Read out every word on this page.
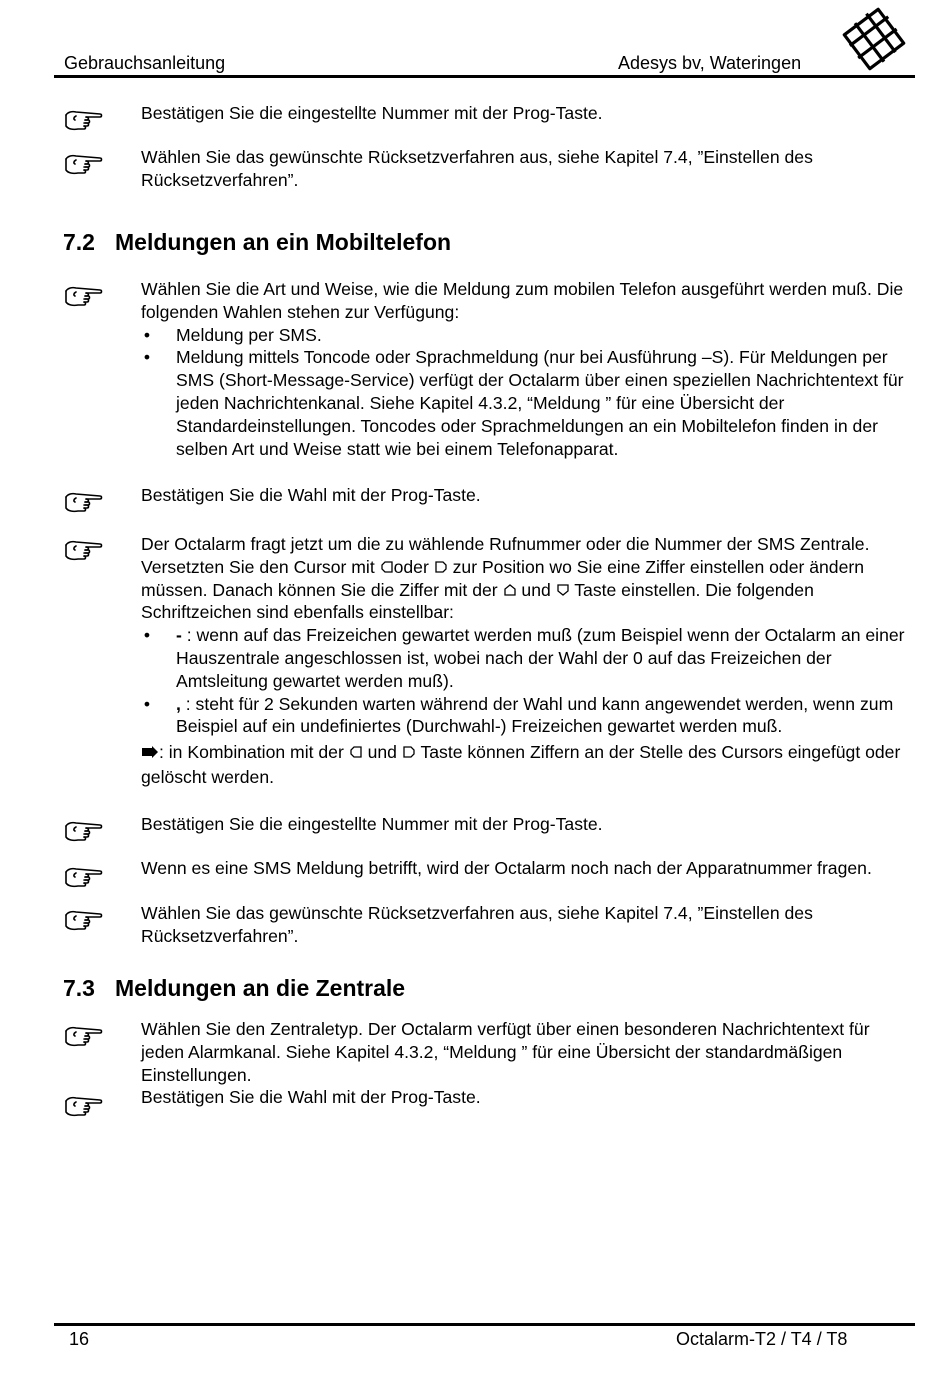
Gebrauchsanleitung	Adesys bv, Wateringen
Bestätigen Sie die eingestellte Nummer mit der Prog-Taste.
Wählen Sie das gewünschte Rücksetzverfahren aus, siehe Kapitel 7.4, ”Einstellen des Rücksetzverfahren”.
7.2 Meldungen an ein Mobiltelefon
Wählen Sie die Art und Weise, wie die Meldung zum mobilen Telefon ausgeführt werden muß. Die folgenden Wahlen stehen zur Verfügung:
• Meldung per SMS.
• Meldung mittels Toncode oder Sprachmeldung (nur bei Ausführung –S). Für Meldungen per SMS (Short-Message-Service) verfügt der Octalarm über einen speziellen Nachrichtentext für jeden Nachrichtenkanal. Siehe Kapitel 4.3.2, “Meldung ” für eine Übersicht der Standardeinstellungen. Toncodes oder Sprachmeldungen an ein Mobiltelefon finden in der selben Art und Weise statt wie bei einem Telefonapparat.
Bestätigen Sie die Wahl mit der Prog-Taste.
Der Octalarm fragt jetzt um die zu wählende Rufnummer oder die Nummer der SMS Zentrale. Versetzten Sie den Cursor mit oder zur Position wo Sie eine Ziffer einstellen oder ändern müssen. Danach können Sie die Ziffer mit der und Taste einstellen. Die folgenden Schriftzeichen sind ebenfalls einstellbar:
• - : wenn auf das Freizeichen gewartet werden muß (zum Beispiel wenn der Octalarm an einer Hauszentrale angeschlossen ist, wobei nach der Wahl der 0 auf das Freizeichen der Amtsleitung gewartet werden muß).
• , : steht für 2 Sekunden warten während der Wahl und kann angewendet werden, wenn zum Beispiel auf ein undefiniertes (Durchwahl-) Freizeichen gewartet werden muß.
: in Kombination mit der und Taste können Ziffern an der Stelle des Cursors eingefügt oder gelöscht werden.
Bestätigen Sie die eingestellte Nummer mit der Prog-Taste.
Wenn es eine SMS Meldung betrifft, wird der Octalarm noch nach der Apparatnummer fragen.
Wählen Sie das gewünschte Rücksetzverfahren aus, siehe Kapitel 7.4, ”Einstellen des Rücksetzverfahren”.
7.3 Meldungen an die Zentrale
Wählen Sie den Zentraletyp. Der Octalarm verfügt über einen besonderen Nachrichtentext für jeden Alarmkanal. Siehe Kapitel 4.3.2, “Meldung ” für eine Übersicht der standardmäßigen Einstellungen.
Bestätigen Sie die Wahl mit der Prog-Taste.
16	Octalarm-T2 / T4 / T8
